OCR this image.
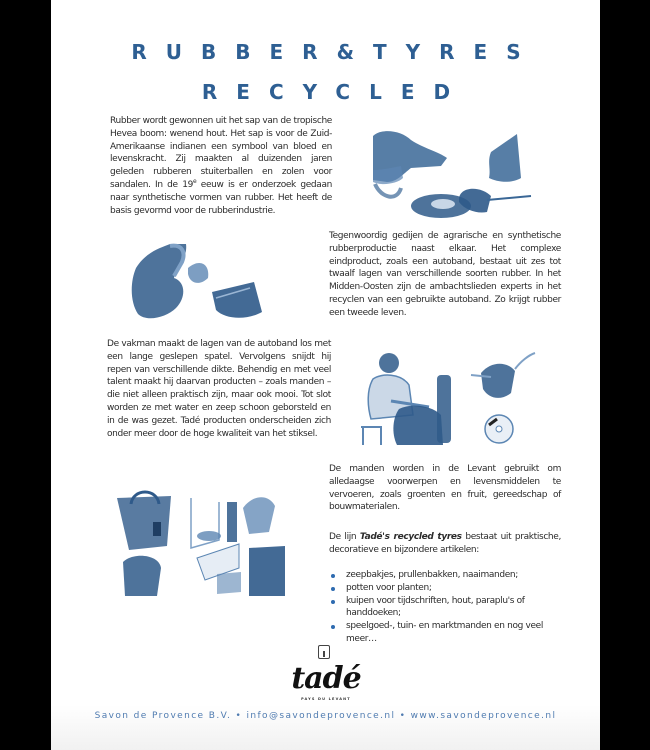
RUBBER&TYRES
RECYCLED
Rubber wordt gewonnen uit het sap van de tropische Hevea boom: wenend hout. Het sap is voor de Zuid-Amerikaanse indianen een symbool van bloed en levenskracht. Zij maakten al duizenden jaren geleden rubberen stuiterballen en zolen voor sandalen. In de 19e eeuw is er onderzoek gedaan naar synthetische vormen van rubber. Het heeft de basis gevormd voor de rubberindustrie.
Tegenwoordig gedijen de agrarische en synthetische rubberproductie naast elkaar. Het complexe eindproduct, zoals een autoband, bestaat uit zes tot twaalf lagen van verschillende soorten rubber. In het Midden-Oosten zijn de ambachtslieden experts in het recyclen van een gebruikte autoband. Zo krijgt rubber een tweede leven.
De vakman maakt de lagen van de autoband los met een lange geslepen spatel. Vervolgens snijdt hij repen van verschillende dikte. Behendig en met veel talent maakt hij daarvan producten – zoals manden – die niet alleen praktisch zijn, maar ook mooi. Tot slot worden ze met water en zeep schoon geborsteld en in de was gezet. Tadé producten onderscheiden zich onder meer door de hoge kwaliteit van het stiksel.
De manden worden in de Levant gebruikt om alledaagse voorwerpen en levensmiddelen te vervoeren, zoals groenten en fruit, gereedschap of bouwmaterialen.
De lijn Tadé's recycled tyres bestaat uit praktische, decoratieve en bijzondere artikelen:
zeepbakjes, prullenbakken, naaimanden;
potten voor planten;
kuipen voor tijdschriften, hout, paraplu's of handdoeken;
speelgoed-, tuin- en marktmanden en nog veel meer…
tadé
PAYS DU LEVANT
Savon de Provence B.V. • info@savondeprovence.nl • www.savondeprovence.nl
